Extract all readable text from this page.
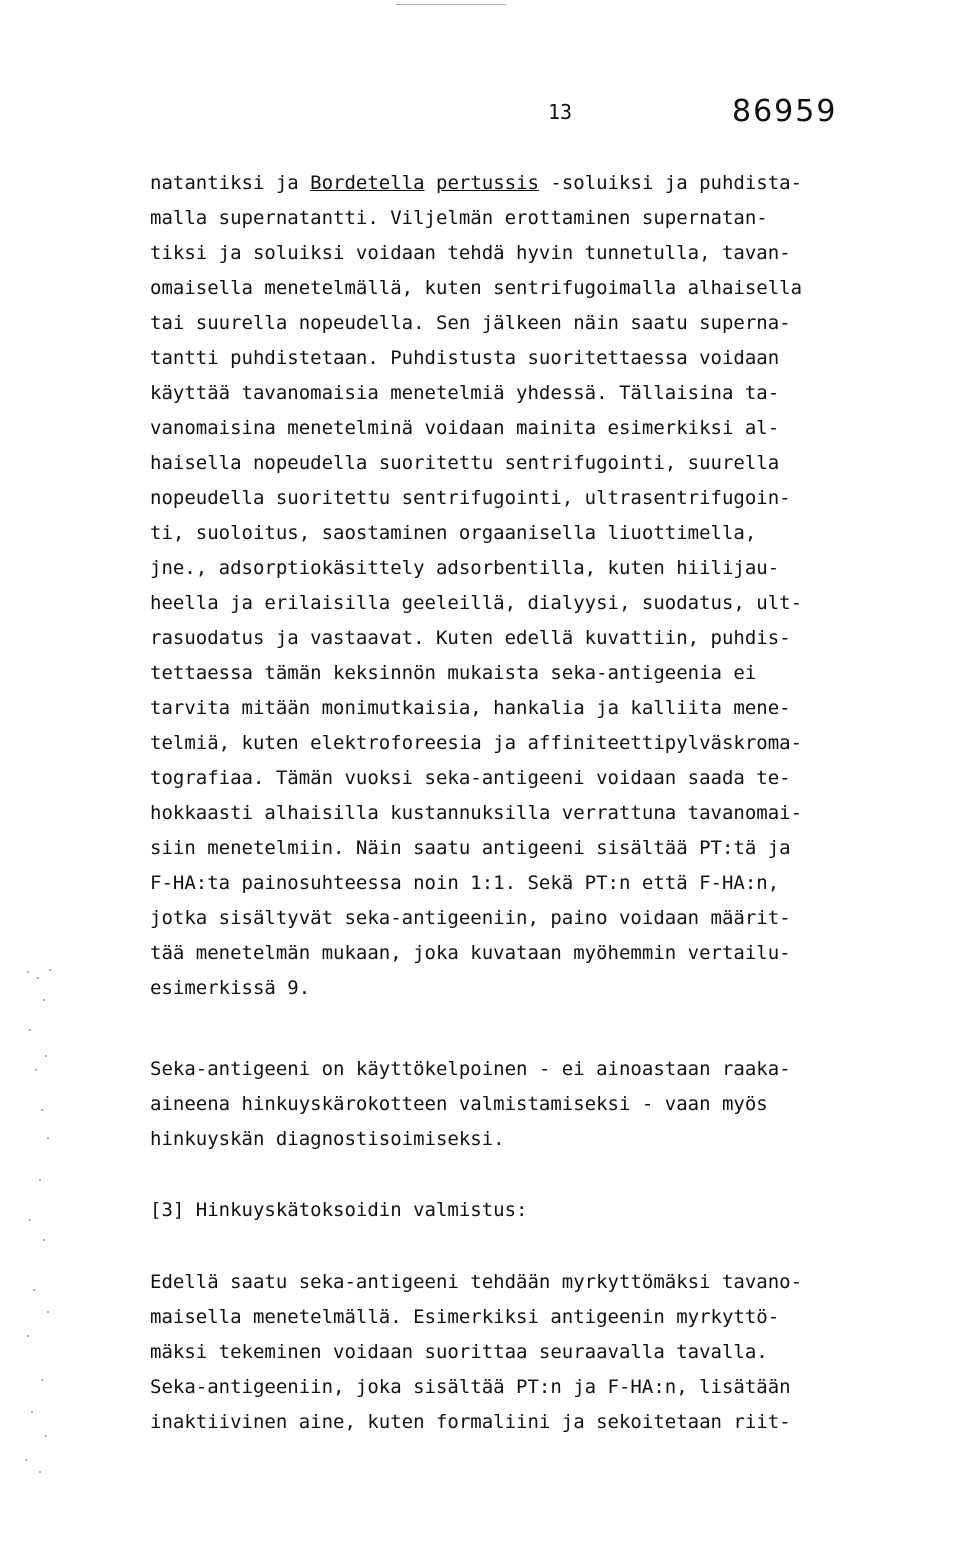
13	86959
natantiksi ja Bordetella pertussis -soluiksi ja puhdista-
malla supernatantti. Viljelmän erottaminen supernatan-
tiksi ja soluiksi voidaan tehdä hyvin tunnetulla, tavan-
omaisella menetelmällä, kuten sentrifugoimalla alhaisella
tai suurella nopeudella. Sen jälkeen näin saatu superna-
tantti puhdistetaan. Puhdistusta suoritettaessa voidaan
käyttää tavanomaisia menetelmiä yhdessä. Tällaisina ta-
vanomaisina menetelminä voidaan mainita esimerkiksi al-
haisella nopeudella suoritettu sentrifugointi, suurella
nopeudella suoritettu sentrifugointi, ultrasentrifugoin-
ti, suoloitus, saostaminen orgaanisella liuottimella,
jne., adsorptiokäsittely adsorbentilla, kuten hiilijau-
heella ja erilaisilla geeleillä, dialyysi, suodatus, ult-
rasuodatus ja vastaavat. Kuten edellä kuvattiin, puhdis-
tettaessa tämän keksinnön mukaista seka-antigeenia ei
tarvita mitään monimutkaisia, hankalia ja kalliita mene-
telmiä, kuten elektroforeesia ja affiniteettipylväskroma-
tografiaa. Tämän vuoksi seka-antigeeni voidaan saada te-
hokkaasti alhaisilla kustannuksilla verrattuna tavanomai-
siin menetelmiin. Näin saatu antigeeni sisältää PT:tä ja
F-HA:ta painosuhteessa noin 1:1. Sekä PT:n että F-HA:n,
jotka sisältyvät seka-antigeeniin, paino voidaan määrit-
tää menetelmän mukaan, joka kuvataan myöhemmin vertailu-
esimerkissä 9.
Seka-antigeeni on käyttökelpoinen - ei ainoastaan raaka-
aineena hinkuyskärokotteen valmistamiseksi - vaan myös
hinkuyskän diagnostisoimiseksi.
[3] Hinkuyskätoksoidin valmistus:
Edellä saatu seka-antigeeni tehdään myrkyttömäksi tavano-
maisella menetelmällä. Esimerkiksi antigeenin myrkyttö-
mäksi tekeminen voidaan suorittaa seuraavalla tavalla.
Seka-antigeeniin, joka sisältää PT:n ja F-HA:n, lisätään
inaktiivinen aine, kuten formaliini ja sekoitetaan riit-
